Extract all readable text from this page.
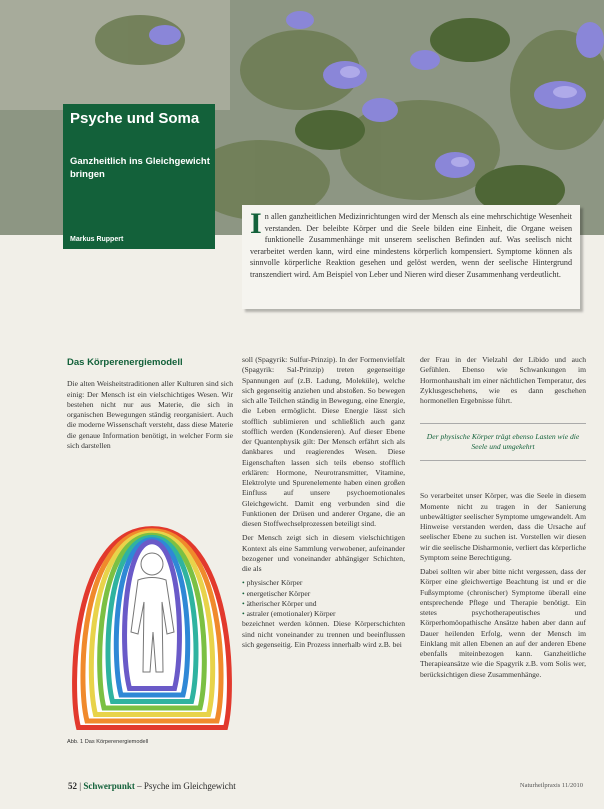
Psyche und Soma
Ganzheitlich ins Gleichgewicht bringen
Markus Ruppert	In allen ganzheitlichen Medizinrichtungen wird der Mensch als eine mehrschichtige Wesenheit verstanden. Der beleibte Körper und die Seele bilden eine Einheit, die Organe weisen funktionelle Zusammenhänge mit unserem seelischen Befinden auf. Was seelisch nicht verarbeitet werden kann, wird eine mindestens körperlich kompensiert. Symptome können als sinnvolle körperliche Reaktion gesehen und gelöst werden, wenn der seelische Hintergrund transzendiert wird. Am Beispiel von Leber und Nieren wird dieser Zusammenhang verdeutlicht.
Das Körperenergiemodell

Die alten Weisheitstraditionen aller Kulturen sind sich einig: Der Mensch ist ein vielschichtiges Wesen. Wir bestehen nicht nur aus Materie, die sich in organischen Bewegungen ständig reorganisiert. Auch die moderne Wissenschaft versteht, dass diese Materie die genaue Information benötigt, in welcher Form sie sich darstellen

Abb. 1 Das Körperenergiemodell

soll (Spagyrik: Sulfur-Prinzip). In der Formenvielfalt (Spagyrik: Sal-Prinzip) treten gegenseitige Spannungen auf (z.B. Ladung, Moleküle), welche sich gegenseitig anziehen und abstoßen. So bewegen sich alle Teilchen ständig in Bewegung, eine Energie, die Leben ermöglicht. Diese Energie lässt sich stofflich sublimieren und schließlich auch ganz stofflich werden (Kondensieren). Auf dieser Ebene der Quantenphysik gilt: Der Mensch erfährt sich als dankbares und reagierendes Wesen. Diese Eigenschaften lassen sich teils ebenso stofflich erklären: Hormone, Neurotransmitter, Vitamine, Elektrolyte und Spurenelemente haben einen großen Einfluss auf unsere psychoemotionales Gleichgewicht. Damit eng verbunden sind die Funktionen der Drüsen und anderer Organe, die an diesen Stoffwechselprozessen beteiligt sind.

Der Mensch zeigt sich in diesem vielschichtigen Kontext als eine Sammlung verwobener, aufeinander bezogener und voneinander abhängiger Schichten, die als

• physischer Körper
• energetischer Körper
• ätherischer Körper und
• astraler (emotionaler) Körper

bezeichnet werden können. Diese Körperschichten sind nicht voneinander zu trennen und beeinflussen sich gegenseitig. Ein Prozess innerhalb wird z.B. bei

der Frau in der Vielzahl der Libido und auch Gefühlen. Ebenso wie Schwankungen im Hormonhaushalt im einer nächtlichen Temperatur, des Zyklusgeschehens, wie es dann geschehen hormonellen Ergebnisse führt.

Der physische Körper trägt ebenso Lasten wie die Seele und umgekehrt

So verarbeitet unser Körper, was die Seele in diesem Momente nicht zu tragen in der Sanierung unbewältigter seelischer Symptome umgewandelt. Am Hinweise verstanden werden, dass die Ursache auf seelischer Ebene zu suchen ist. Vorstellen wir diesen wir die seelische Disharmonie, verliert das körperliche Symptom seine Berechtigung.

Dabei sollten wir aber bitte nicht vergessen, dass der Körper eine gleichwertige Beachtung ist und er die Fußsymptome (chronischer) Symptome überall eine entsprechende Pflege und Therapie benötigt. Ein stetes psychotherapeutisches und Körperhomöopathische Ansätze haben aber dann auf Dauer heilenden Erfolg, wenn der Mensch im Einklang mit allen Ebenen an auf der anderen Ebene ebenfalls miteinbezogen kann. Ganzheitliche Therapieansätze wie die Spagyrik z.B. vom Solis wer, berücksichtigen diese Zusammenhänge.

52 | Schwerpunkt – Psyche im Gleichgewicht	Naturheilpraxis 11/2010
